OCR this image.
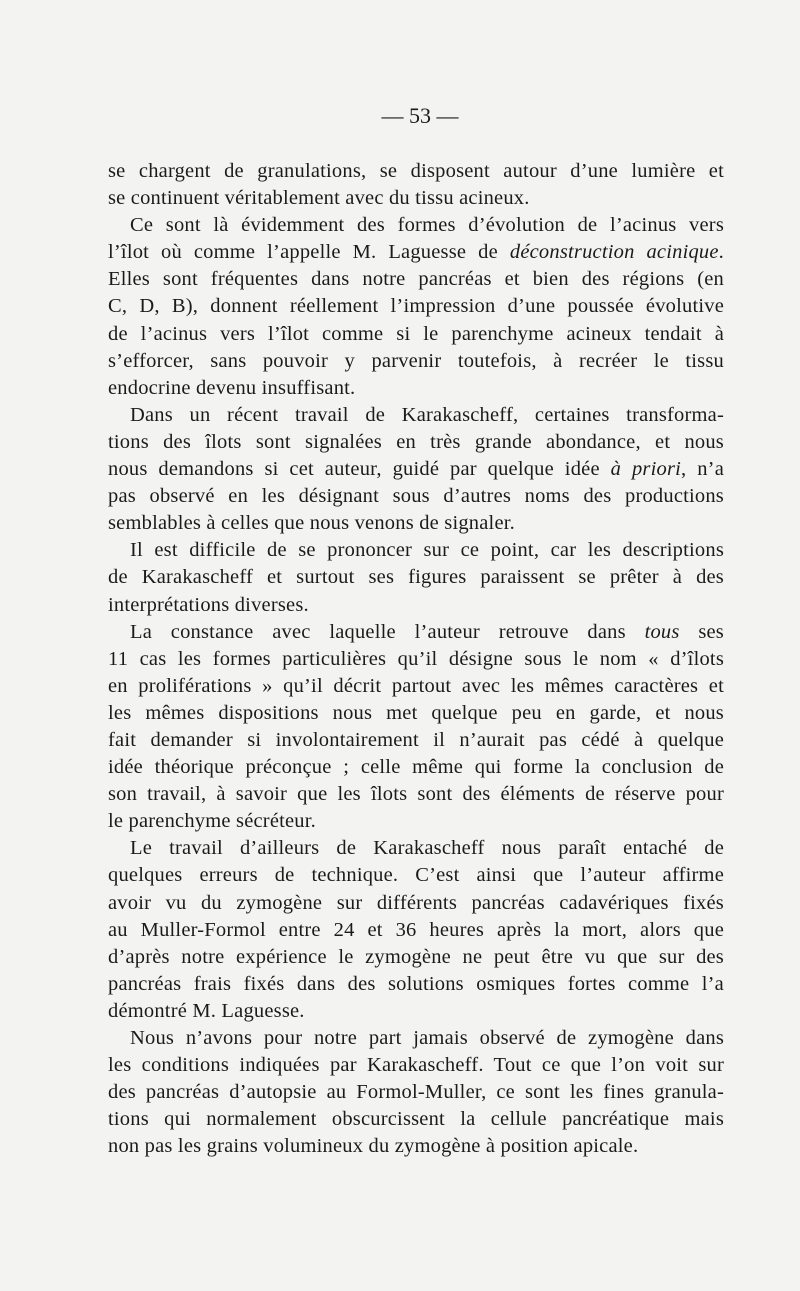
— 53 —
se chargent de granulations, se disposent autour d’une lumière et
se continuent véritablement avec du tissu acineux.
Ce sont là évidemment des formes d’évolution de l’acinus vers
l’îlot où comme l’appelle M. Laguesse de déconstruction acinique.
Elles sont fréquentes dans notre pancréas et bien des régions (en
C, D, B), donnent réellement l’impression d’une poussée évolutive
de l’acinus vers l’îlot comme si le parenchyme acineux tendait à
s’efforcer, sans pouvoir y parvenir toutefois, à recréer le tissu
endocrine devenu insuffisant.
Dans un récent travail de Karakascheff, certaines transforma-
tions des îlots sont signalées en très grande abondance, et nous
nous demandons si cet auteur, guidé par quelque idée à priori, n’a
pas observé en les désignant sous d’autres noms des productions
semblables à celles que nous venons de signaler.
Il est difficile de se prononcer sur ce point, car les descriptions
de Karakascheff et surtout ses figures paraissent se prêter à des
interprétations diverses.
La constance avec laquelle l’auteur retrouve dans tous ses
11 cas les formes particulières qu’il désigne sous le nom « d’îlots
en proliférations » qu’il décrit partout avec les mêmes caractères et
les mêmes dispositions nous met quelque peu en garde, et nous
fait demander si involontairement il n’aurait pas cédé à quelque
idée théorique préconçue ; celle même qui forme la conclusion de
son travail, à savoir que les îlots sont des éléments de réserve pour
le parenchyme sécréteur.
Le travail d’ailleurs de Karakascheff nous paraît entaché de
quelques erreurs de technique. C’est ainsi que l’auteur affirme
avoir vu du zymogène sur différents pancréas cadavériques fixés
au Muller-Formol entre 24 et 36 heures après la mort, alors que
d’après notre expérience le zymogène ne peut être vu que sur des
pancréas frais fixés dans des solutions osmiques fortes comme l’a
démontré M. Laguesse.
Nous n’avons pour notre part jamais observé de zymogène dans
les conditions indiquées par Karakascheff. Tout ce que l’on voit sur
des pancréas d’autopsie au Formol-Muller, ce sont les fines granula-
tions qui normalement obscurcissent la cellule pancréatique mais
non pas les grains volumineux du zymogène à position apicale.
